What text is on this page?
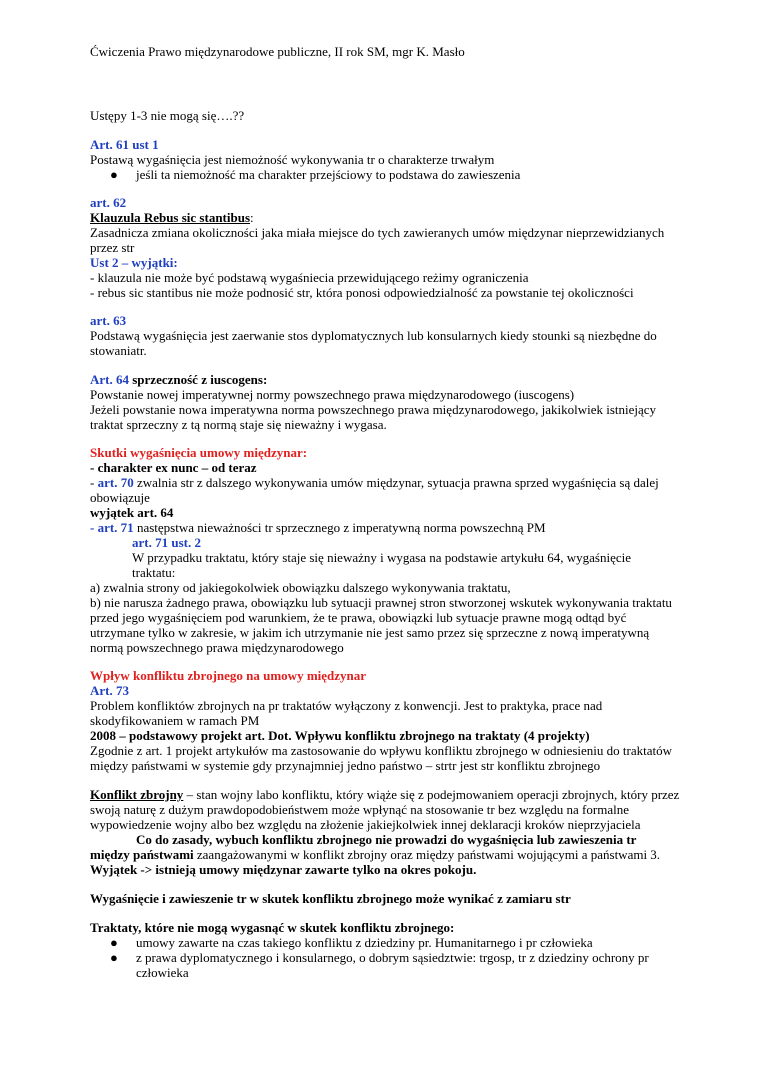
Ćwiczenia Prawo międzynarodowe publiczne, II rok SM, mgr K. Masło
Ustępy 1-3 nie mogą się….??
Art. 61 ust 1
Postawą wygaśnięcia jest niemożność wykonywania tr o charakterze trwałym
● jeśli ta niemożność ma charakter przejściowy to podstawa do zawieszenia
art. 62
Klauzula Rebus sic stantibus:
Zasadnicza zmiana okoliczności jaka miała miejsce do tych zawieranych umów międzynar nieprzewidzianych
przez str
Ust 2 – wyjątki:
- klauzula nie może być podstawą wygaśniecia przewidującego reżimy ograniczenia
- rebus sic stantibus nie może podnosić str, która ponosi odpowiedzialność za powstanie tej okoliczności
art. 63
Podstawą wygaśnięcia jest zaerwanie stos dyplomatycznych lub konsularnych kiedy stounki są niezbędne do
stowaniatr.
Art. 64 sprzeczność z iuscogens:
Powstanie nowej imperatywnej normy powszechnego prawa międzynarodowego (iuscogens)
Jeżeli powstanie nowa imperatywna norma powszechnego prawa międzynarodowego, jakikolwiek istniejący
traktat sprzeczny z tą normą staje się nieważny i wygasa.
Skutki wygaśnięcia umowy międzynar:
- charakter ex nunc – od teraz
- art. 70 zwalnia str z dalszego wykonywania umów międzynar, sytuacja prawna sprzed wygaśnięcia są dalej
obowiązuje
wyjątek art. 64
- art. 71 następstwa nieważności tr sprzecznego z imperatywną norma powszechną PM
art. 71 ust. 2
W przypadku traktatu, który staje się nieważny i wygasa na podstawie artykułu 64, wygaśnięcie
traktatu:
a) zwalnia strony od jakiegokolwiek obowiązku dalszego wykonywania traktatu,
b) nie narusza żadnego prawa, obowiązku lub sytuacji prawnej stron stworzonej wskutek wykonywania traktatu
przed jego wygaśnięciem pod warunkiem, że te prawa, obowiązki lub sytuacje prawne mogą odtąd być
utrzymane tylko w zakresie, w jakim ich utrzymanie nie jest samo przez się sprzeczne z nową imperatywną
normą powszechnego prawa międzynarodowego
Wpływ konfliktu zbrojnego na umowy międzynar
Art. 73
Problem konfliktów zbrojnych na pr traktatów wyłączony z konwencji. Jest to praktyka, prace nad
skodyfikowaniem w ramach PM
2008 – podstawowy projekt art. Dot. Wpływu konfliktu zbrojnego na traktaty (4 projekty)
Zgodnie z art. 1 projekt artykułów ma zastosowanie do wpływu konfliktu zbrojnego w odniesieniu do traktatów
między państwami w systemie gdy przynajmniej jedno państwo – strtr jest str konfliktu zbrojnego
Konflikt zbrojny – stan wojny labo konfliktu, który wiąże się z podejmowaniem operacji zbrojnych, który przez
swoją naturę z dużym prawdopodobieństwem może wpłynąć na stosowanie tr bez względu na formalne
wypowiedzenie wojny albo bez względu na złożenie jakiejkolwiek innej deklaracji kroków nieprzyjaciela
Co do zasady, wybuch konfliktu zbrojnego nie prowadzi do wygaśnięcia lub zawieszenia tr
między państwami zaangażowanymi w konflikt zbrojny oraz między państwami wojującymi a państwami 3.
Wyjątek -> istnieją umowy międzynar zawarte tylko na okres pokoju.
Wygaśnięcie i zawieszenie tr w skutek konfliktu zbrojnego może wynikać z zamiaru str
Traktaty, które nie mogą wygasnąć w skutek konfliktu zbrojnego:
● umowy zawarte na czas takiego konfliktu z dziedziny pr. Humanitarnego i pr człowieka
● z prawa dyplomatycznego i konsularnego, o dobrym sąsiedztwie: trgosp, tr z dziedziny ochrony pr
człowieka
